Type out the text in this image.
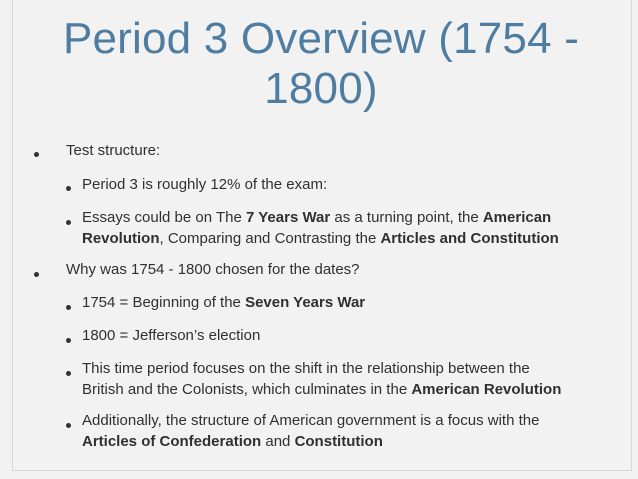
Period 3 Overview (1754 -
1800)
Test structure:
Period 3 is roughly 12% of the exam:
Essays could be on The 7 Years War as a turning point, the American
Revolution, Comparing and Contrasting the Articles and Constitution
Why was 1754 - 1800 chosen for the dates?
1754 = Beginning of the Seven Years War
1800 = Jefferson’s election
This time period focuses on the shift in the relationship between the
British and the Colonists, which culminates in the American Revolution
Additionally, the structure of American government is a focus with the
Articles of Confederation and Constitution
